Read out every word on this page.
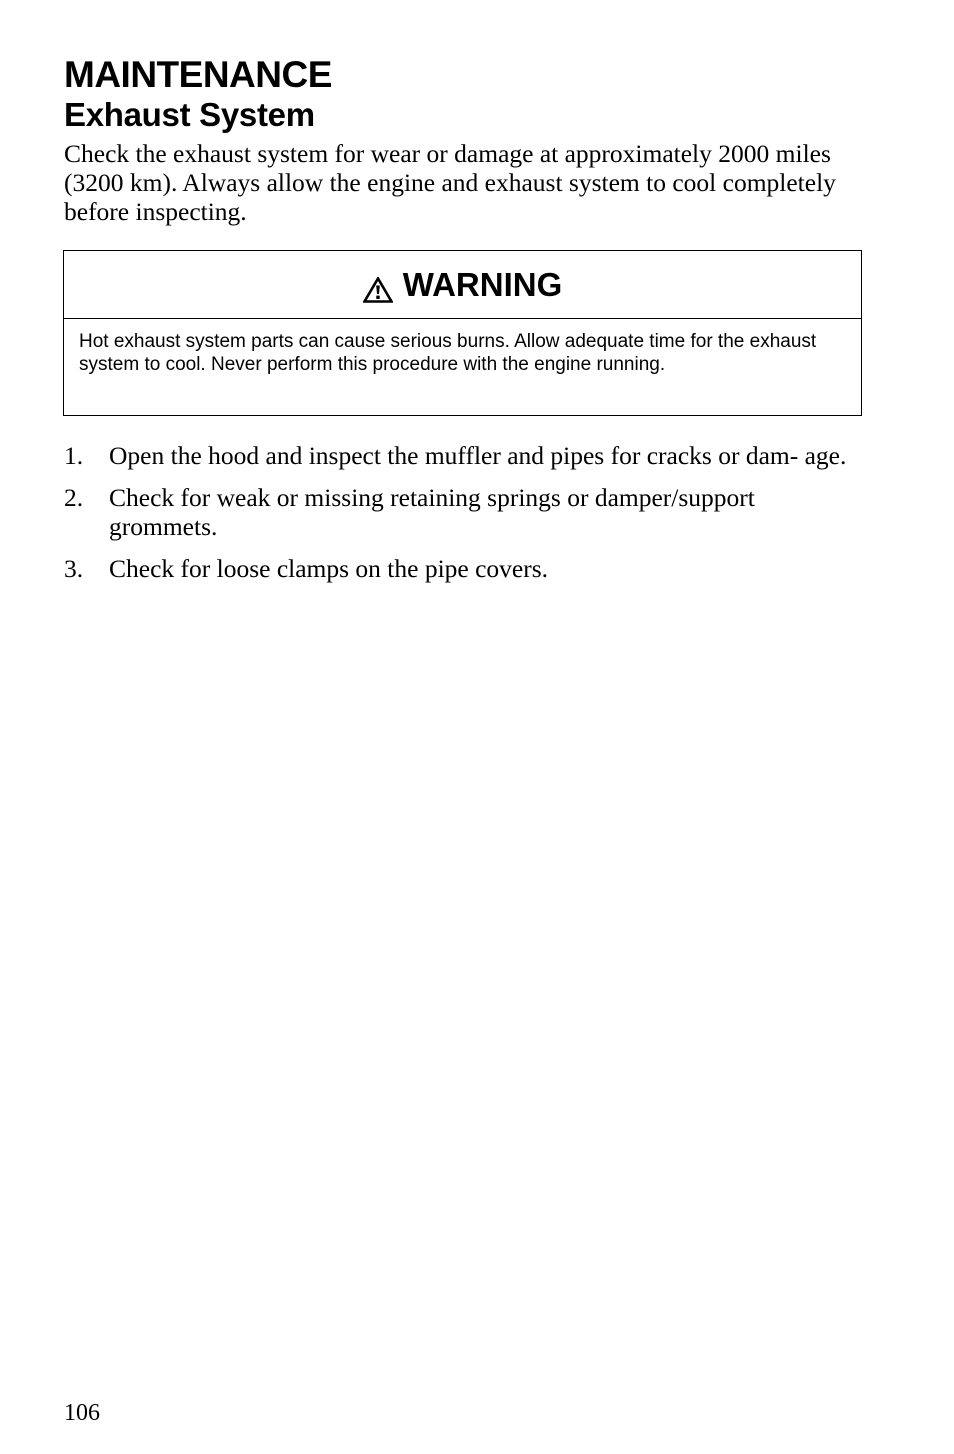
MAINTENANCE
Exhaust System

Check the exhaust system for wear or damage at approximately 2000 miles (3200 km). Always allow the engine and exhaust system to cool completely before inspecting.

WARNING
Hot exhaust system parts can cause serious burns. Allow adequate time for the exhaust system to cool. Never perform this procedure with the engine running.
1. Open the hood and inspect the muffler and pipes for cracks or dam- age.
2. Check for weak or missing retaining springs or damper/support grommets.
3. Check for loose clamps on the pipe covers.
106
